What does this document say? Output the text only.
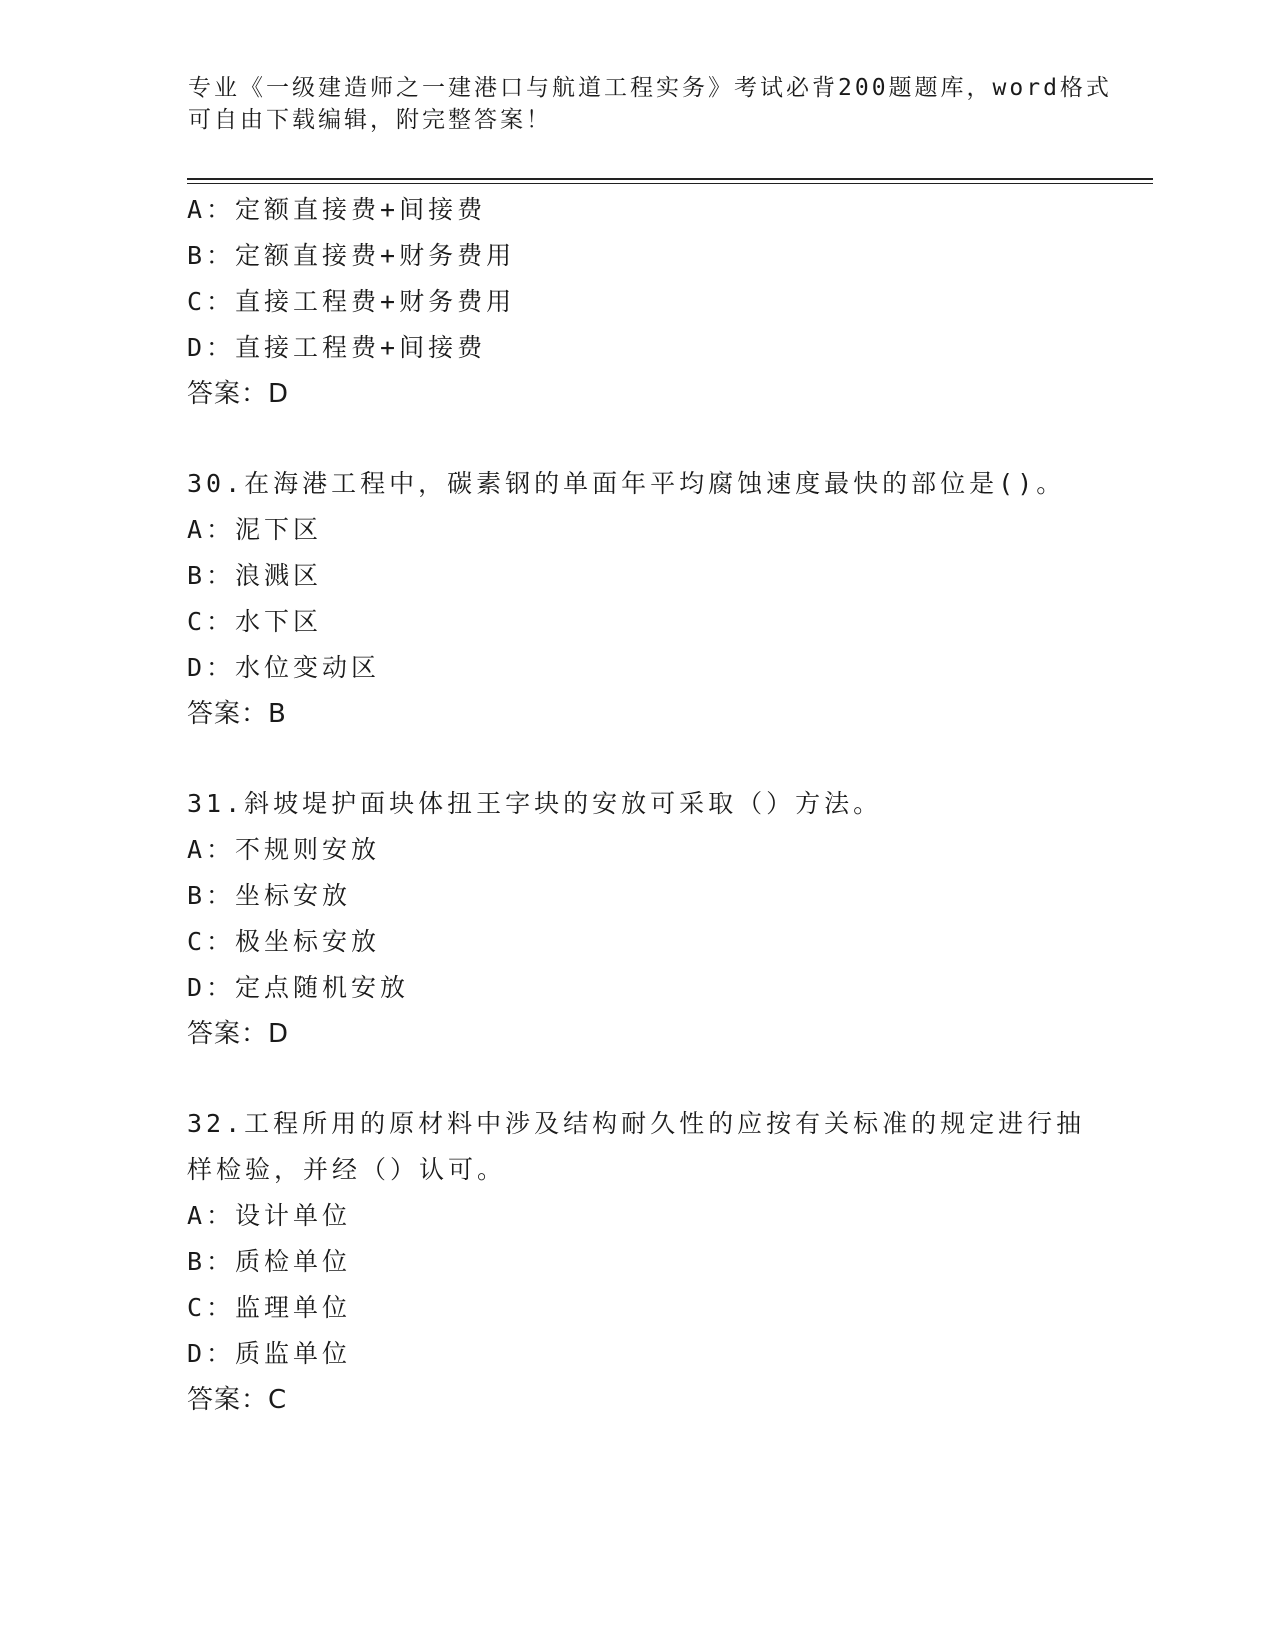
专业《一级建造师之一建港口与航道工程实务》考试必背200题题库，word格式

可自由下载编辑，附完整答案！

A：定额直接费+间接费
B：定额直接费+财务费用
C：直接工程费+财务费用
D：直接工程费+间接费
答案：D
30.在海港工程中，碳素钢的单面年平均腐蚀速度最快的部位是()。
A：泥下区
B：浪溅区
C：水下区
D：水位变动区
答案：B
31.斜坡堤护面块体扭王字块的安放可采取（）方法。
A：不规则安放
B：坐标安放
C：极坐标安放
D：定点随机安放
答案：D
32.工程所用的原材料中涉及结构耐久性的应按有关标准的规定进行抽
样检验，并经（）认可。
A：设计单位
B：质检单位
C：监理单位
D：质监单位
答案：C
